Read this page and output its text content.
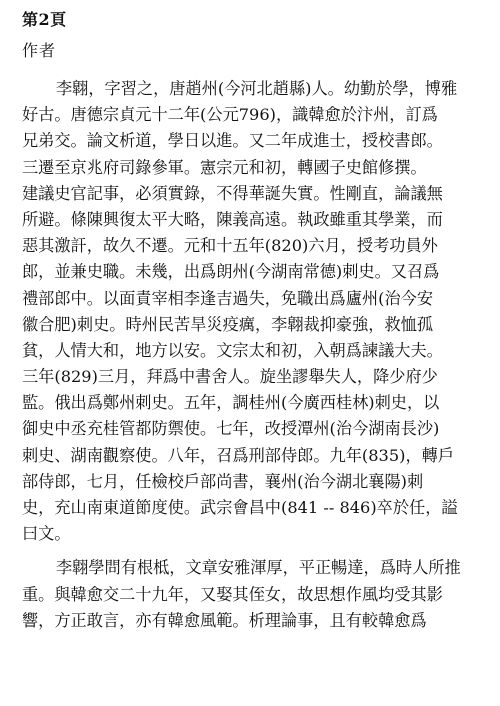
第2頁
作者
李翺，字習之，唐趙州(今河北趙縣)人。幼勤於學，博雅
好古。唐德宗貞元十二年(公元796)，識韓愈於汴州，訂爲
兄弟交。論文析道，學日以進。又二年成進士，授校書郎。
三遷至京兆府司錄參軍。憲宗元和初，轉國子史館修撰。
建議史官記事，必須實錄，不得華誕失實。性剛直，論議無
所避。條陳興復太平大略，陳義高遠。執政雖重其學業，而
惡其激訐，故久不遷。元和十五年(820)六月，授考功員外
郎，並兼史職。未幾，出爲朗州(今湖南常德)刺史。又召爲
禮部郎中。以面責宰相李逢吉過失，免職出爲廬州(治今安
徽合肥)刺史。時州民苦旱災疫癘，李翺裁抑豪強，救恤孤
貧，人情大和，地方以安。文宗太和初，入朝爲諫議大夫。
三年(829)三月，拜爲中書舍人。旋坐謬舉失人，降少府少
監。俄出爲鄭州刺史。五年，調桂州(今廣西桂林)刺史，以
御史中丞充桂管都防禦使。七年，改授潭州(治今湖南長沙)
刺史、湖南觀察使。八年，召爲刑部侍郎。九年(835)，轉戶
部侍郎，七月，任檢校戶部尚書，襄州(治今湖北襄陽)刺
史，充山南東道節度使。武宗會昌中(841 -- 846)卒於任，謚
曰文。
李翺學問有根柢，文章安雅渾厚，平正暢達，爲時人所推
重。與韓愈交二十九年，又娶其侄女，故思想作風均受其影
響，方正敢言，亦有韓愈風範。析理論事，且有較韓愈爲
